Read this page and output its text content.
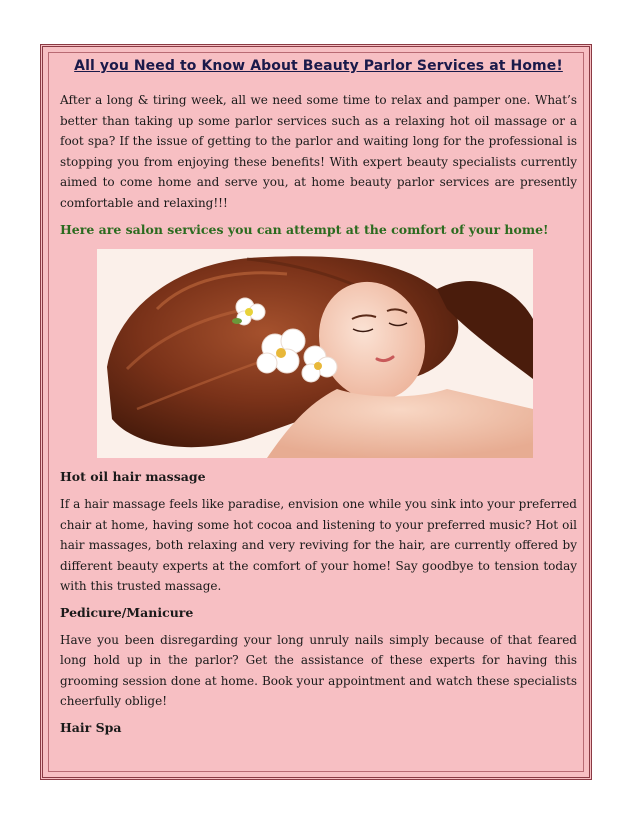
All you Need to Know About Beauty Parlor Services at Home!

After a long & tiring week, all we need some time to relax and pamper one. What’s better than taking up some parlor services such as a relaxing hot oil massage or a foot spa? If the issue of getting to the parlor and waiting long for the professional is stopping you from enjoying these benefits! With expert beauty specialists currently aimed to come home and serve you, at home beauty parlor services are presently comfortable and relaxing!!!

Here are salon services you can attempt at the comfort of your home!

Hot oil hair massage

If a hair massage feels like paradise, envision one while you sink into your preferred chair at home, having some hot cocoa and listening to your preferred music? Hot oil hair massages, both relaxing and very reviving for the hair, are currently offered by different beauty experts at the comfort of your home! Say goodbye to tension today with this trusted massage.

Pedicure/Manicure

Have you been disregarding your long unruly nails simply because of that feared long hold up in the parlor? Get the assistance of these experts for having this grooming session done at home. Book your appointment and watch these specialists cheerfully oblige!

Hair Spa
